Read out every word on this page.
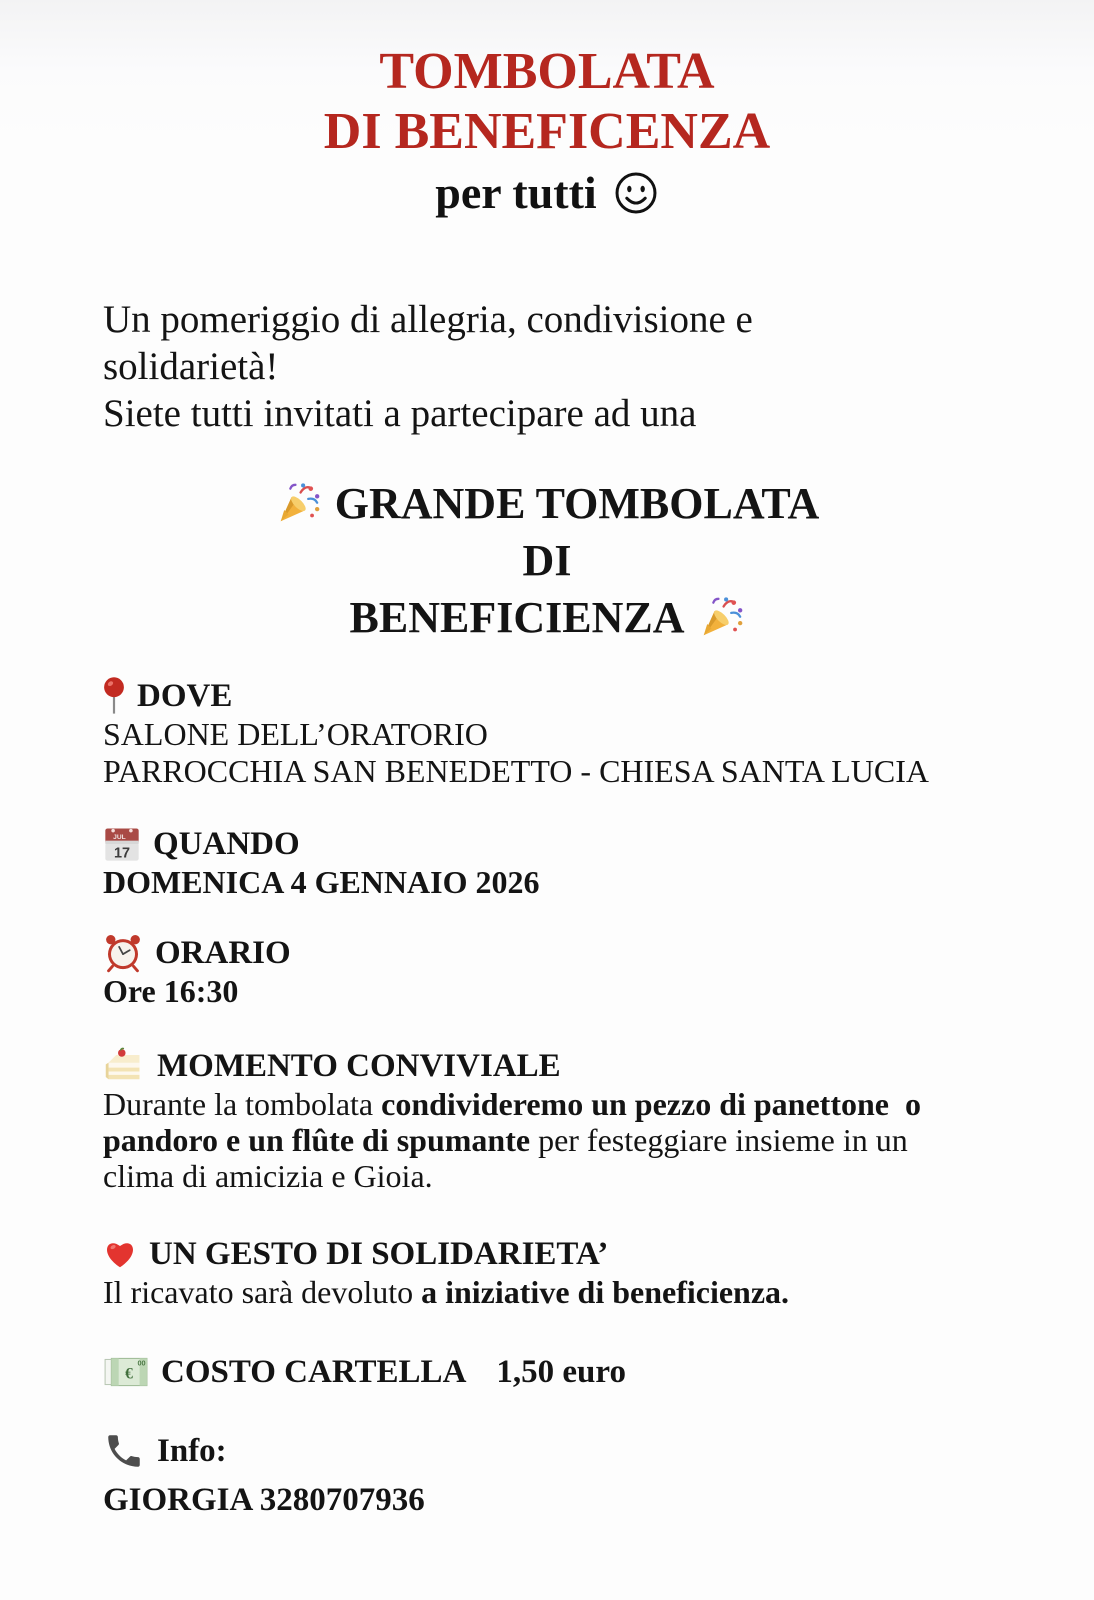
TOMBOLATA
DI BENEFICENZA
per tutti
Un pomeriggio di allegria, condivisione e
solidarietà!
Siete tutti invitati a partecipare ad una
GRANDE TOMBOLATA
DI
BENEFICIENZA
DOVE
SALONE DELL’ORATORIO
PARROCCHIA SAN BENEDETTO - CHIESA SANTA LUCIA
JUL
17 QUANDO
DOMENICA 4 GENNAIO 2026
ORARIO
Ore 16:30
MOMENTO CONVIVIALE

Durante la tombolata condivideremo un pezzo di panettone  o pandoro e un flûte di spumante per festeggiare insieme in un clima di amicizia e Gioia.

UN GESTO DI SOLIDARIETA’

Il ricavato sarà devoluto a iniziative di beneficienza.

€
00 COSTO CARTELLA 1,50 euro
Info:
GIORGIA 3280707936
